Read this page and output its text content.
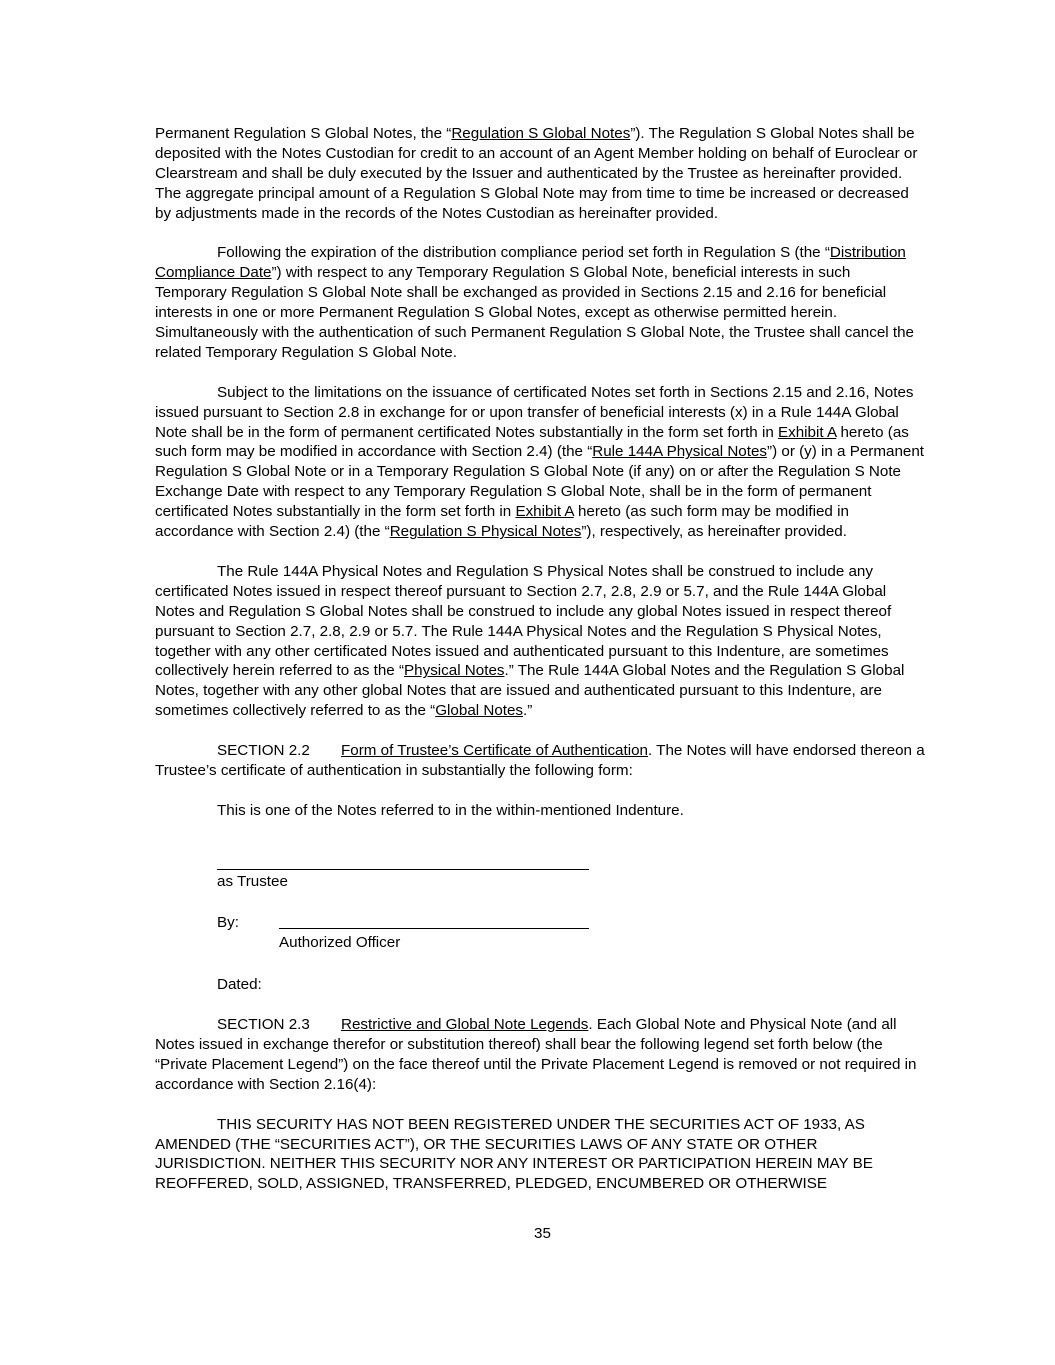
Permanent Regulation S Global Notes, the “Regulation S Global Notes”). The Regulation S Global Notes shall be deposited with the Notes Custodian for credit to an account of an Agent Member holding on behalf of Euroclear or Clearstream and shall be duly executed by the Issuer and authenticated by the Trustee as hereinafter provided. The aggregate principal amount of a Regulation S Global Note may from time to time be increased or decreased by adjustments made in the records of the Notes Custodian as hereinafter provided.

Following the expiration of the distribution compliance period set forth in Regulation S (the “Distribution Compliance Date”) with respect to any Temporary Regulation S Global Note, beneficial interests in such Temporary Regulation S Global Note shall be exchanged as provided in Sections 2.15 and 2.16 for beneficial interests in one or more Permanent Regulation S Global Notes, except as otherwise permitted herein. Simultaneously with the authentication of such Permanent Regulation S Global Note, the Trustee shall cancel the related Temporary Regulation S Global Note.

Subject to the limitations on the issuance of certificated Notes set forth in Sections 2.15 and 2.16, Notes issued pursuant to Section 2.8 in exchange for or upon transfer of beneficial interests (x) in a Rule 144A Global Note shall be in the form of permanent certificated Notes substantially in the form set forth in Exhibit A hereto (as such form may be modified in accordance with Section 2.4) (the “Rule 144A Physical Notes”) or (y) in a Permanent Regulation S Global Note or in a Temporary Regulation S Global Note (if any) on or after the Regulation S Note Exchange Date with respect to any Temporary Regulation S Global Note, shall be in the form of permanent certificated Notes substantially in the form set forth in Exhibit A hereto (as such form may be modified in accordance with Section 2.4) (the “Regulation S Physical Notes”), respectively, as hereinafter provided.

The Rule 144A Physical Notes and Regulation S Physical Notes shall be construed to include any certificated Notes issued in respect thereof pursuant to Section 2.7, 2.8, 2.9 or 5.7, and the Rule 144A Global Notes and Regulation S Global Notes shall be construed to include any global Notes issued in respect thereof pursuant to Section 2.7, 2.8, 2.9 or 5.7. The Rule 144A Physical Notes and the Regulation S Physical Notes, together with any other certificated Notes issued and authenticated pursuant to this Indenture, are sometimes collectively herein referred to as the “Physical Notes.” The Rule 144A Global Notes and the Regulation S Global Notes, together with any other global Notes that are issued and authenticated pursuant to this Indenture, are sometimes collectively referred to as the “Global Notes.”

SECTION 2.2 Form of Trustee’s Certificate of Authentication. The Notes will have endorsed thereon a Trustee’s certificate of authentication in substantially the following form:

This is one of the Notes referred to in the within-mentioned Indenture.

as Trustee

By:

Authorized Officer

Dated:

SECTION 2.3 Restrictive and Global Note Legends. Each Global Note and Physical Note (and all Notes issued in exchange therefor or substitution thereof) shall bear the following legend set forth below (the “Private Placement Legend”) on the face thereof until the Private Placement Legend is removed or not required in accordance with Section 2.16(4):

THIS SECURITY HAS NOT BEEN REGISTERED UNDER THE SECURITIES ACT OF 1933, AS AMENDED (THE “SECURITIES ACT”), OR THE SECURITIES LAWS OF ANY STATE OR OTHER JURISDICTION. NEITHER THIS SECURITY NOR ANY INTEREST OR PARTICIPATION HEREIN MAY BE REOFFERED, SOLD, ASSIGNED, TRANSFERRED, PLEDGED, ENCUMBERED OR OTHERWISE

35
